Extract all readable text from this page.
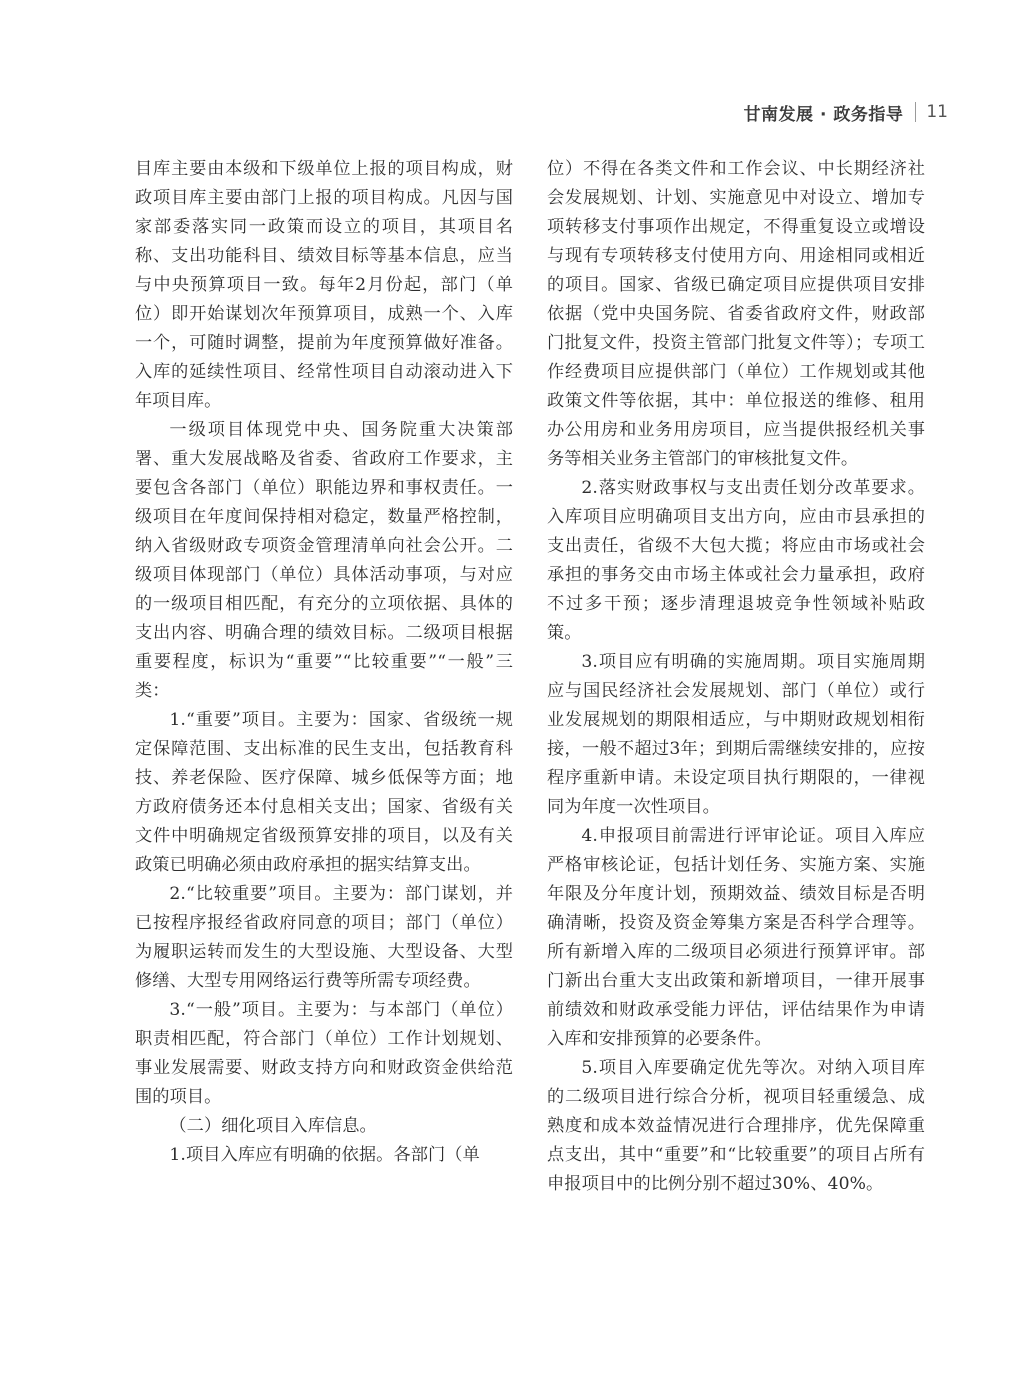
甘南发展 · 政务指导 11

目库主要由本级和下级单位上报的项目构成，财政项目库主要由部门上报的项目构成。凡因与国家部委落实同一政策而设立的项目，其项目名称、支出功能科目、绩效目标等基本信息，应当与中央预算项目一致。每年2月份起，部门（单位）即开始谋划次年预算项目，成熟一个、入库一个，可随时调整，提前为年度预算做好准备。入库的延续性项目、经常性项目自动滚动进入下年项目库。

一级项目体现党中央、国务院重大决策部署、重大发展战略及省委、省政府工作要求，主要包含各部门（单位）职能边界和事权责任。一级项目在年度间保持相对稳定，数量严格控制，纳入省级财政专项资金管理清单向社会公开。二级项目体现部门（单位）具体活动事项，与对应的一级项目相匹配，有充分的立项依据、具体的支出内容、明确合理的绩效目标。二级项目根据重要程度，标识为“重要”“比较重要”“一般”三类：

1.“重要”项目。主要为：国家、省级统一规定保障范围、支出标准的民生支出，包括教育科技、养老保险、医疗保障、城乡低保等方面；地方政府债务还本付息相关支出；国家、省级有关文件中明确规定省级预算安排的项目，以及有关政策已明确必须由政府承担的据实结算支出。

2.“比较重要”项目。主要为：部门谋划，并已按程序报经省政府同意的项目；部门（单位）为履职运转而发生的大型设施、大型设备、大型修缮、大型专用网络运行费等所需专项经费。

3.“一般”项目。主要为：与本部门（单位）职责相匹配，符合部门（单位）工作计划规划、事业发展需要、财政支持方向和财政资金供给范围的项目。

（二）细化项目入库信息。

1.项目入库应有明确的依据。各部门（单

位）不得在各类文件和工作会议、中长期经济社会发展规划、计划、实施意见中对设立、增加专项转移支付事项作出规定，不得重复设立或增设与现有专项转移支付使用方向、用途相同或相近的项目。国家、省级已确定项目应提供项目安排依据（党中央国务院、省委省政府文件，财政部门批复文件，投资主管部门批复文件等）；专项工作经费项目应提供部门（单位）工作规划或其他政策文件等依据，其中：单位报送的维修、租用办公用房和业务用房项目，应当提供报经机关事务等相关业务主管部门的审核批复文件。

2.落实财政事权与支出责任划分改革要求。入库项目应明确项目支出方向，应由市县承担的支出责任，省级不大包大揽；将应由市场或社会承担的事务交由市场主体或社会力量承担，政府不过多干预；逐步清理退坡竞争性领域补贴政策。

3.项目应有明确的实施周期。项目实施周期应与国民经济社会发展规划、部门（单位）或行业发展规划的期限相适应，与中期财政规划相衔接，一般不超过3年；到期后需继续安排的，应按程序重新申请。未设定项目执行期限的，一律视同为年度一次性项目。

4.申报项目前需进行评审论证。项目入库应严格审核论证，包括计划任务、实施方案、实施年限及分年度计划，预期效益、绩效目标是否明确清晰，投资及资金筹集方案是否科学合理等。所有新增入库的二级项目必须进行预算评审。部门新出台重大支出政策和新增项目，一律开展事前绩效和财政承受能力评估，评估结果作为申请入库和安排预算的必要条件。

5.项目入库要确定优先等次。对纳入项目库的二级项目进行综合分析，视项目轻重缓急、成熟度和成本效益情况进行合理排序，优先保障重点支出，其中“重要”和“比较重要”的项目占所有申报项目中的比例分别不超过30%、40%。
